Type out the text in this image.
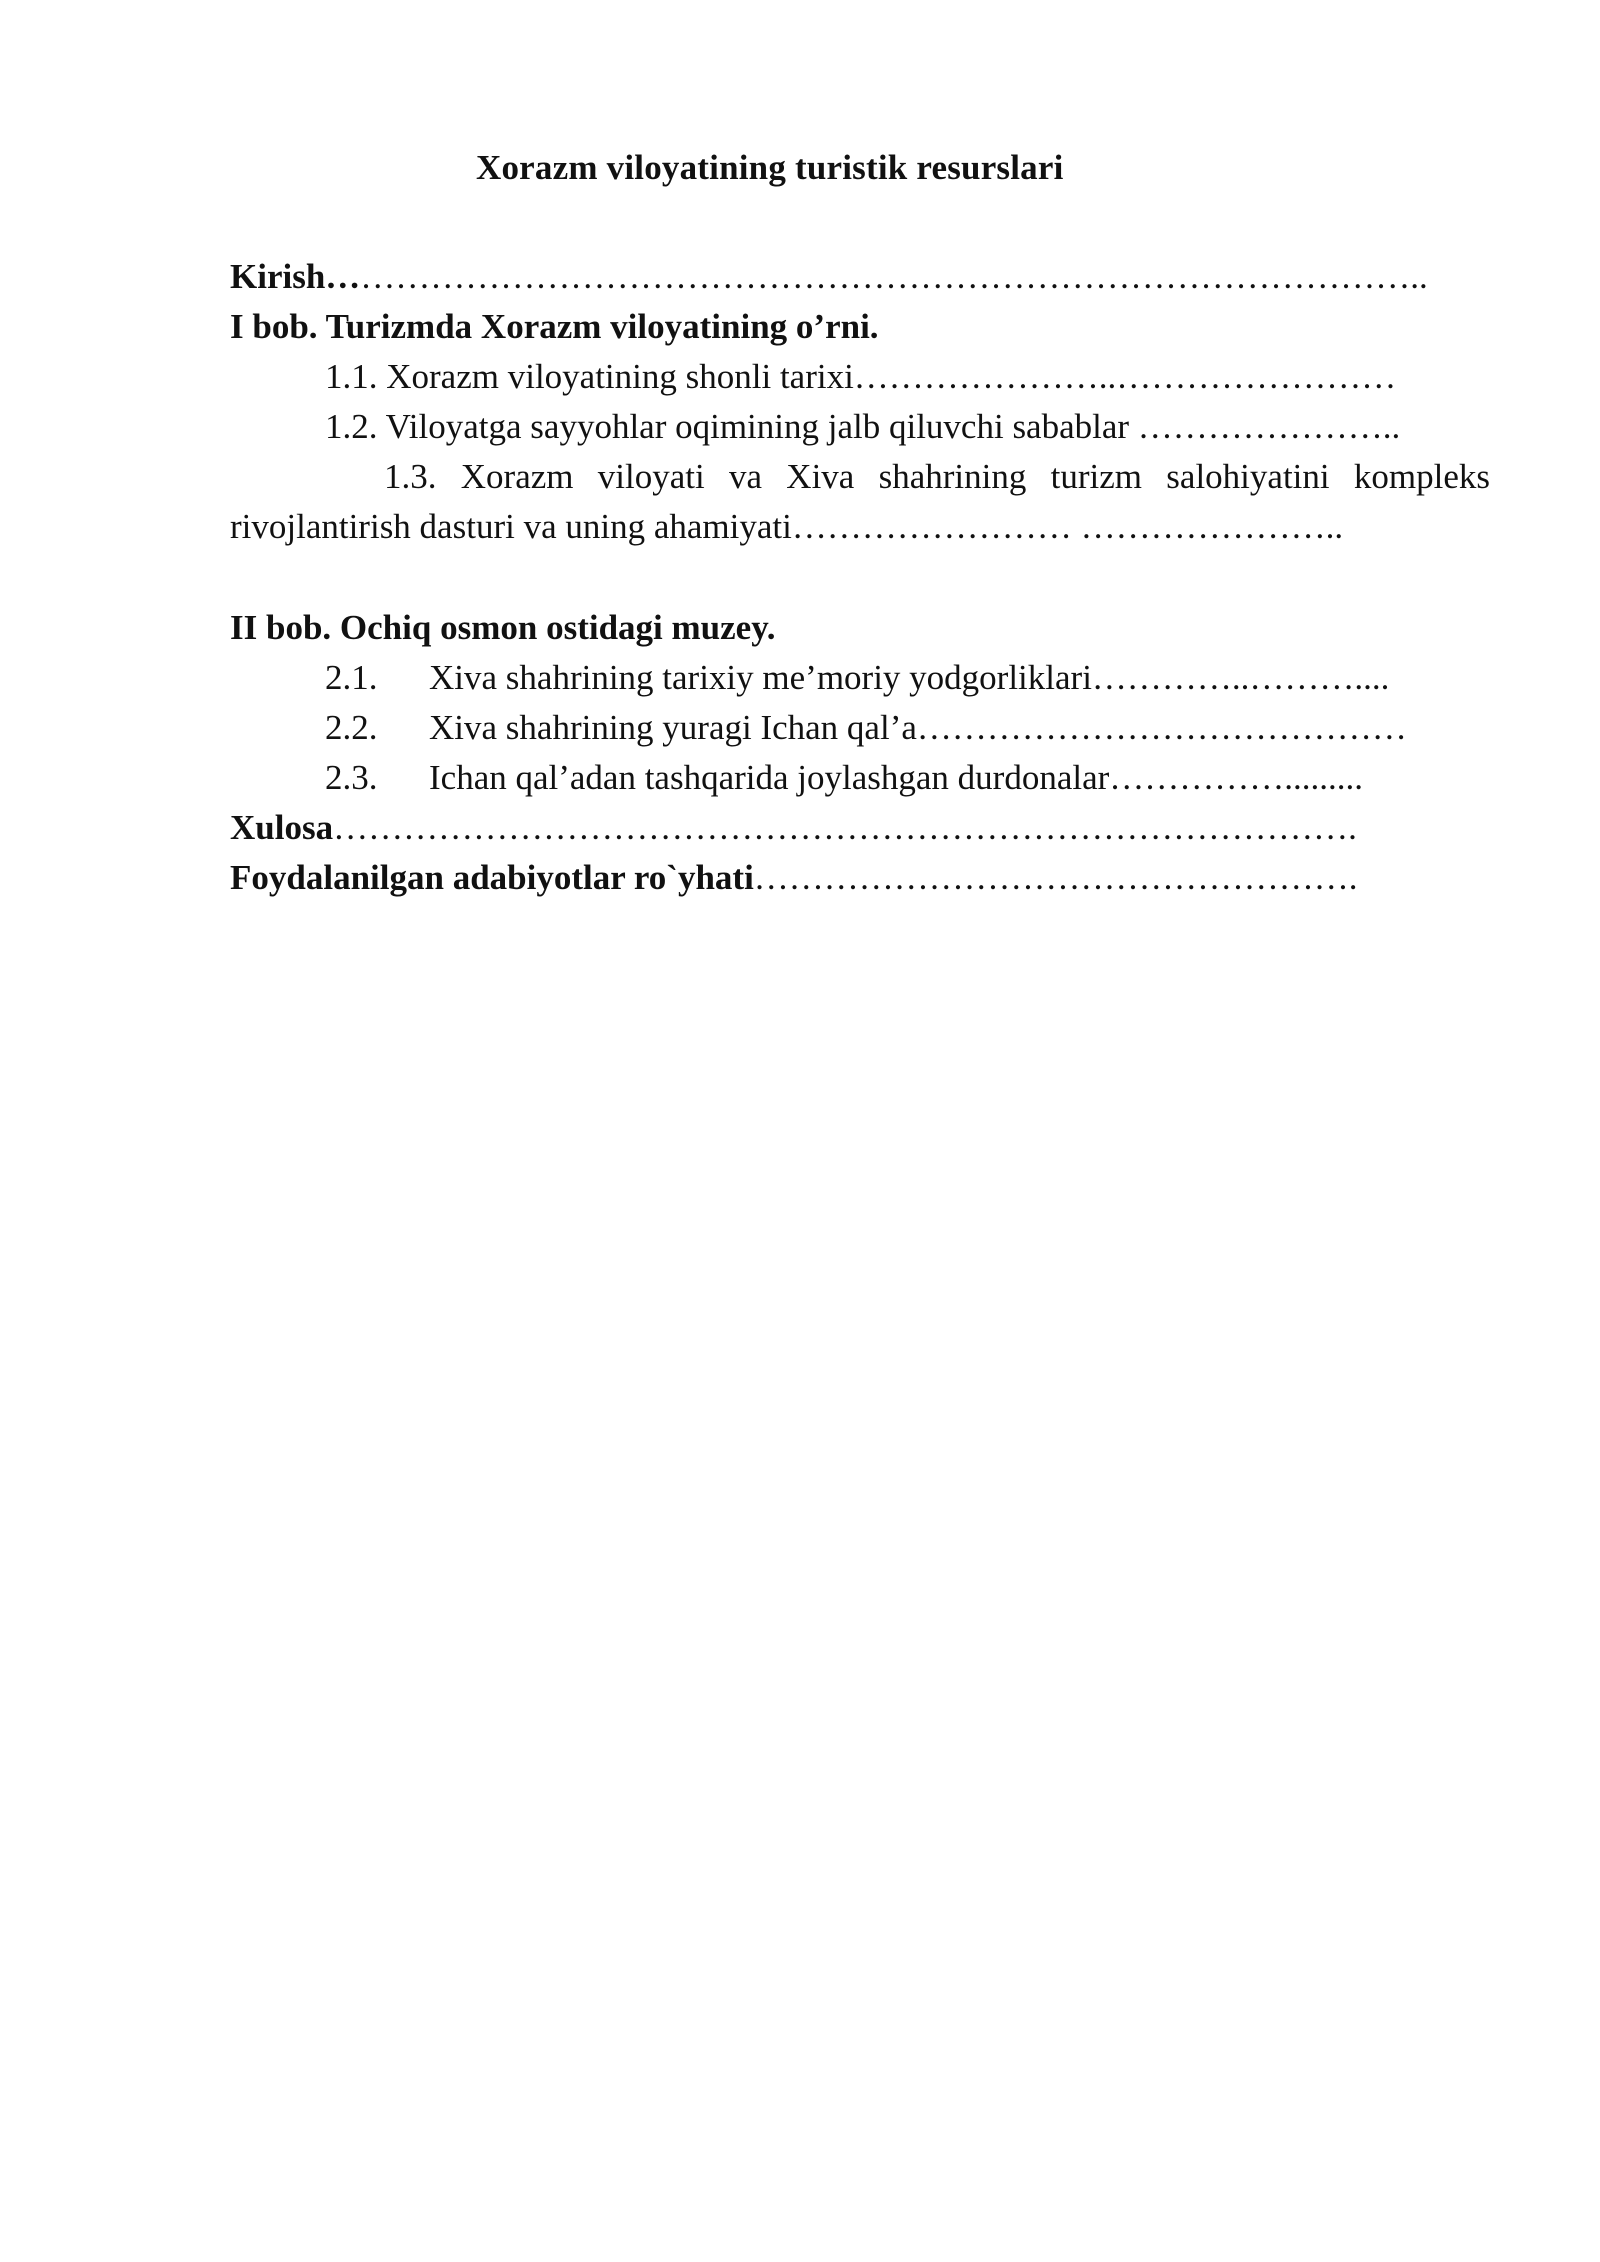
Xorazm viloyatining turistik resurslari
Kirish…………………………………………………………………………………..
I bob. Turizmda Xorazm viloyatining o’rni.
1.1. Xorazm viloyatining shonli tarixi…………………..……………………
1.2. Viloyatga sayyohlar oqimining jalb qiluvchi sabablar …………………..
1.3. Xorazm viloyati va Xiva shahrining turizm salohiyatini kompleks
rivojlantirish dasturi va uning ahamiyati…………………… …………………..
II bob. Ochiq osmon ostidagi muzey.
2.1. Xiva shahrining tarixiy me’moriy yodgorliklari…………..………....
2.2. Xiva shahrining yuragi Ichan qal’a……………………………………
2.3. Ichan qal’adan tashqarida joylashgan durdonalar…………….........
Xulosa…………………………………………………………………………….
Foydalanilgan adabiyotlar ro`yhati…………………………………………….
